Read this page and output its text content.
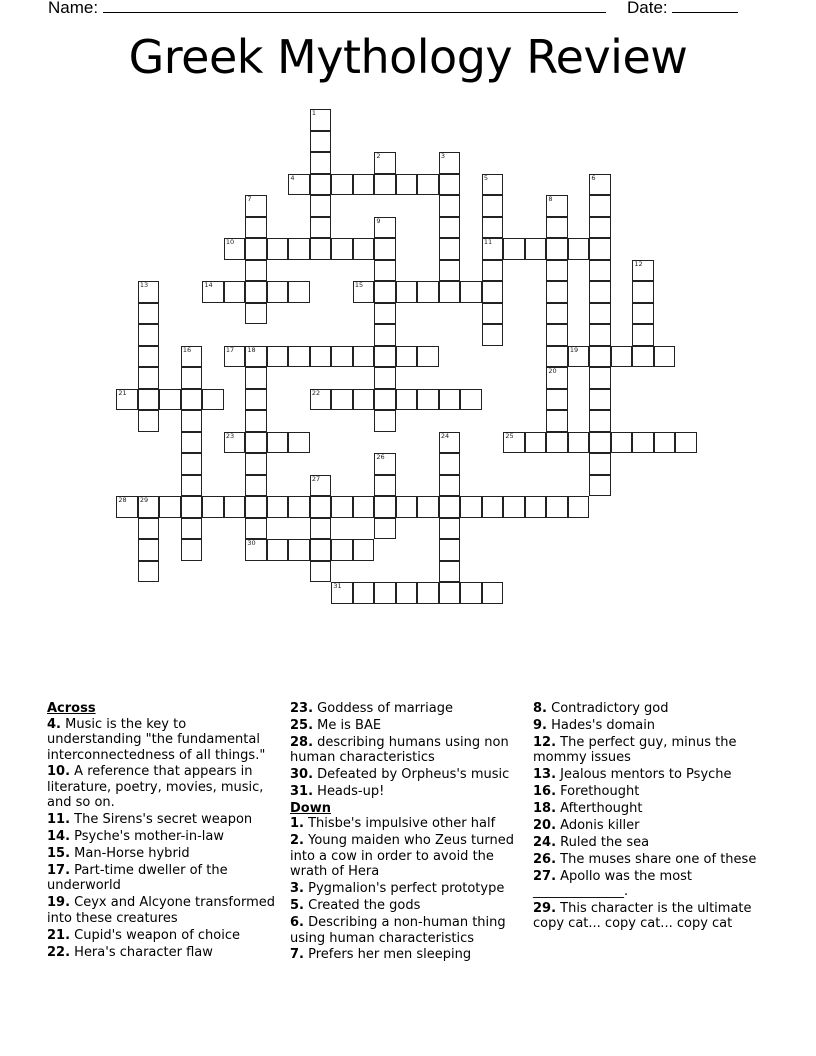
Name:	Date:
Greek Mythology Review
1
2	3
4	5
11
6
7	8
9
10
12
13	14	15
16	17 18
30
19
20
21	22
23	24	25
26
27
28 29
31
Across
4. Music is the key to understanding "the fundamental interconnectedness of all things."
10. A reference that appears in literature, poetry, movies, music, and so on.
11. The Sirens's secret weapon
14. Psyche's mother-in-law
15. Man-Horse hybrid
17. Part-time dweller of the underworld
19. Ceyx and Alcyone transformed into these creatures
21. Cupid's weapon of choice
22. Hera's character flaw
23. Goddess of marriage
25. Me is BAE
28. describing humans using non human characteristics
30. Defeated by Orpheus's music
31. Heads-up!
Down
1. Thisbe's impulsive other half
2. Young maiden who Zeus turned into a cow in order to avoid the wrath of Hera
3. Pygmalion's perfect prototype
5. Created the gods
6. Describing a non-human thing using human characteristics
7. Prefers her men sleeping
8. Contradictory god
9. Hades's domain
12. The perfect guy, minus the mommy issues
13. Jealous mentors to Psyche
16. Forethought
18. Afterthought
20. Adonis killer
24. Ruled the sea
26. The muses share one of these
27. Apollo was the most ______________.
29. This character is the ultimate copy cat... copy cat... copy cat
